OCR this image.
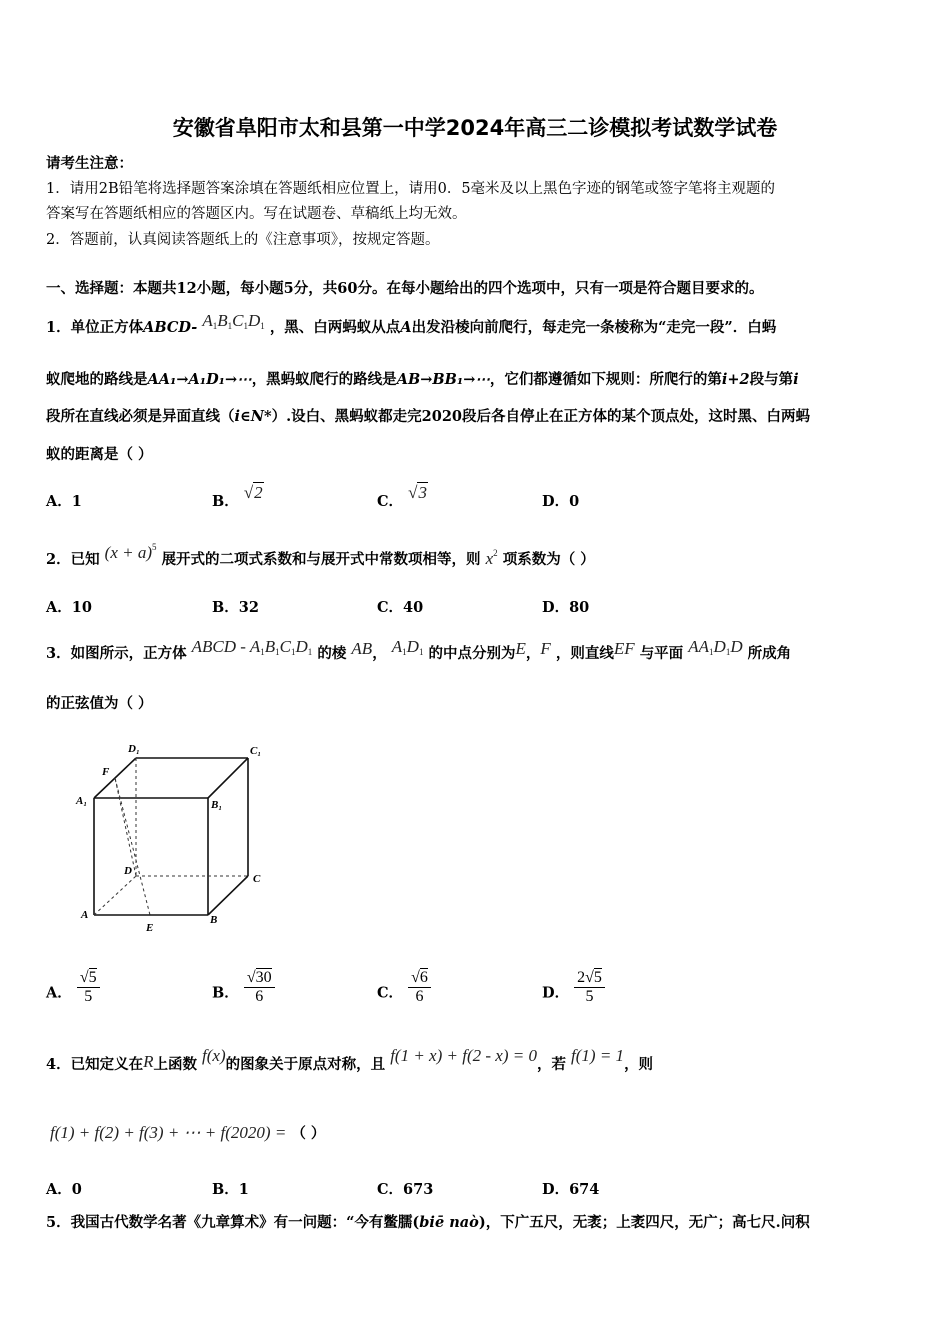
安徽省阜阳市太和县第一中学2024年高三二诊模拟考试数学试卷
请考生注意：
1．请用2B铅笔将选择题答案涂填在答题纸相应位置上，请用0．5毫米及以上黑色字迹的钢笔或签字笔将主观题的
答案写在答题纸相应的答题区内。写在试题卷、草稿纸上均无效。
2．答题前，认真阅读答题纸上的《注意事项》，按规定答题。
一、选择题：本题共12小题，每小题5分，共60分。在每小题给出的四个选项中，只有一项是符合题目要求的。
1．单位正方体ABCD- $A_1B_1C_1D_1$ ，黑、白两蚂蚁从点A出发沿棱向前爬行，每走完一条棱称为“走完一段”．白蚂
蚁爬地的路线是AA₁→A₁D₁→⋯，黑蚂蚁爬行的路线是AB→BB₁→⋯，它们都遵循如下规则：所爬行的第i+2段与第i
段所在直线必须是异面直线（i∈N*）.设白、黑蚂蚁都走完2020段后各自停止在正方体的某个顶点处，这时黑、白两蚂
蚁的距离是（ ）
A．1	B． √2	C． √3	D．0
2．已知 $(x + a)^5$ 展开式的二项式系数和与展开式中常数项相等，则 $x^2$ 项系数为（ ）
A．10	B．32	C．40	D．80
3．如图所示，正方体 ABCD - $A_1B_1C_1D_1$ 的棱 AB， $A_1D_1$ 的中点分别为E，F ，则直线EF 与平面 $AA_1D_1D$ 所成角
的正弦值为（ ）
D₁	C₁
F
A₁	B₁
D
C
A
E
B
A． $\frac{√5}{5}$	B． $\frac{√30}{6}$	C． $\frac{√6}{6}$	D． $\frac{2√5}{5}$
4．已知定义在R上函数 f(x)的图象关于原点对称，且 f(1 + x) + f(2 - x) = 0，若 f(1) = 1，则
f(1) + f(2) + f(3) + ⋯ + f(2020) = （ ）
A．0	B．1	C．673	D．674
5．我国古代数学名著《九章算术》有一问题：“今有鳖臑(biē naò)，下广五尺，无袤；上袤四尺，无广；高七尺.问积
